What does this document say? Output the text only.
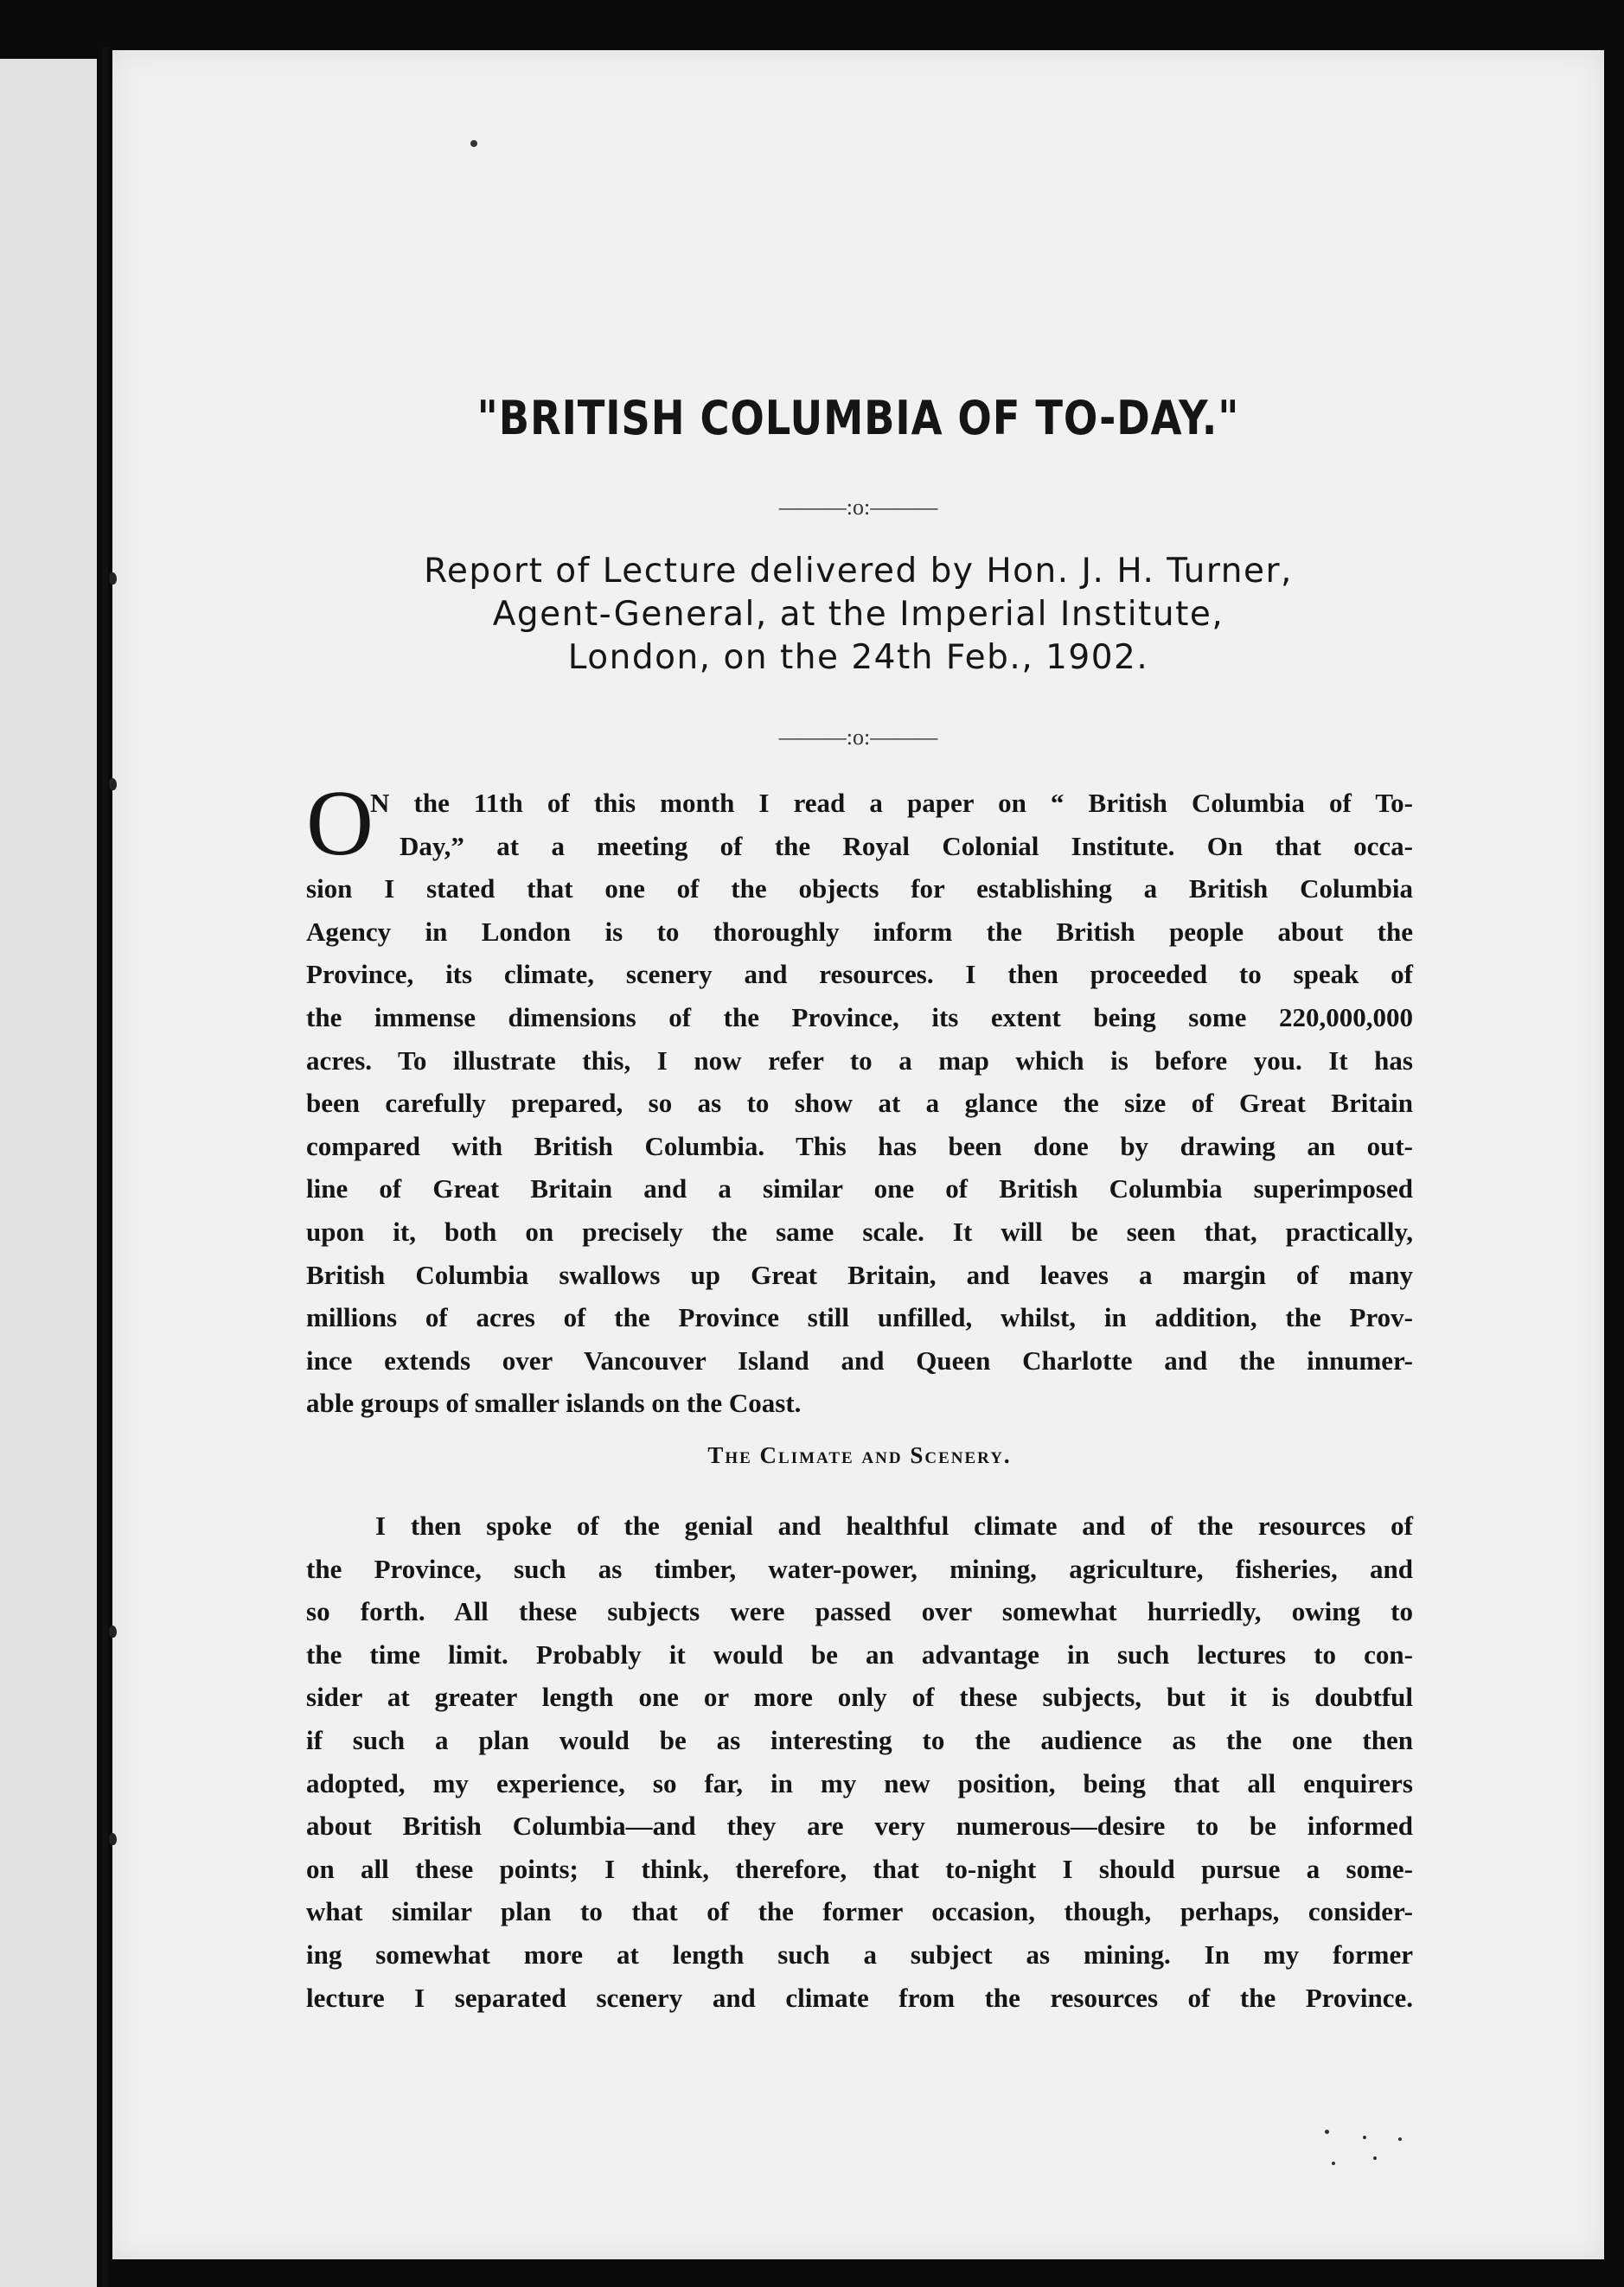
"BRITISH COLUMBIA OF TO-DAY."
———:o:———
Report of Lecture delivered by Hon. J. H. Turner,
Agent-General, at the Imperial Institute,
London, on the 24th Feb., 1902.
———:o:———
O
N the 11th of this month I read a paper on “ British Columbia of To-
Day,” at a meeting of the Royal Colonial Institute. On that occa-
sion I stated that one of the objects for establishing a British Columbia
Agency in London is to thoroughly inform the British people about the
Province, its climate, scenery and resources. I then proceeded to speak of
the immense dimensions of the Province, its extent being some 220,000,000
acres. To illustrate this, I now refer to a map which is before you. It has
been carefully prepared, so as to show at a glance the size of Great Britain
compared with British Columbia. This has been done by drawing an out-
line of Great Britain and a similar one of British Columbia superimposed
upon it, both on precisely the same scale. It will be seen that, practically,
British Columbia swallows up Great Britain, and leaves a margin of many
millions of acres of the Province still unfilled, whilst, in addition, the Prov-
ince extends over Vancouver Island and Queen Charlotte and the innumer-
able groups of smaller islands on the Coast.
The Climate and Scenery.
I then spoke of the genial and healthful climate and of the resources of
the Province, such as timber, water-power, mining, agriculture, fisheries, and
so forth. All these subjects were passed over somewhat hurriedly, owing to
the time limit. Probably it would be an advantage in such lectures to con-
sider at greater length one or more only of these subjects, but it is doubtful
if such a plan would be as interesting to the audience as the one then
adopted, my experience, so far, in my new position, being that all enquirers
about British Columbia—and they are very numerous—desire to be informed
on all these points; I think, therefore, that to-night I should pursue a some-
what similar plan to that of the former occasion, though, perhaps, consider-
ing somewhat more at length such a subject as mining. In my former
lecture I separated scenery and climate from the resources of the Province.
